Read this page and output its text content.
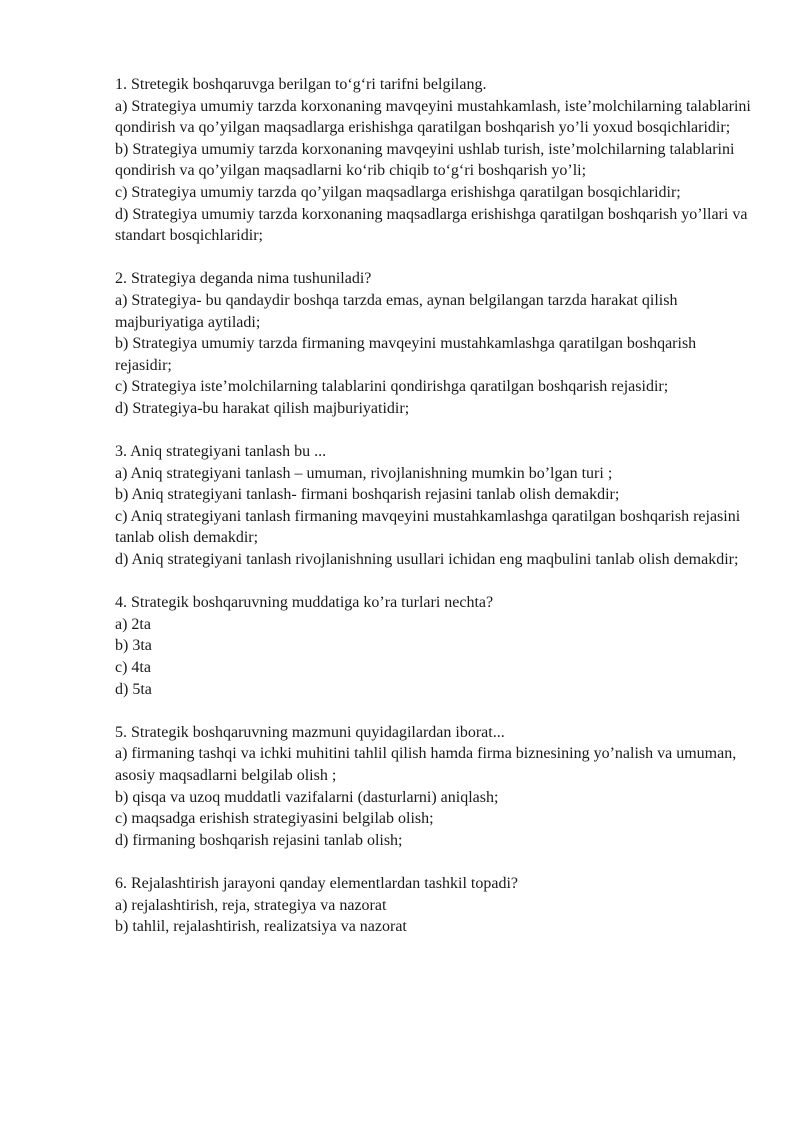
1. Stretegik boshqaruvga berilgan to‘g‘ri tarifni belgilang.

a) Strategiya umumiy tarzda korxonaning mavqeyini mustahkamlash, iste’molchilarning talablarini qondirish va qo’yilgan maqsadlarga erishishga qaratilgan boshqarish yo’li yoxud bosqichlaridir;

b) Strategiya umumiy tarzda korxonaning mavqeyini ushlab turish, iste’molchilarning talablarini qondirish va qo’yilgan maqsadlarni ko‘rib chiqib to‘g‘ri boshqarish yo’li;

c) Strategiya umumiy tarzda qo’yilgan maqsadlarga erishishga qaratilgan bosqichlaridir;

d) Strategiya umumiy tarzda korxonaning maqsadlarga erishishga qaratilgan boshqarish yo’llari va standart bosqichlaridir;

2. Strategiya deganda nima tushuniladi?

a) Strategiya- bu qandaydir boshqa tarzda emas, aynan belgilangan tarzda harakat qilish majburiyatiga aytiladi;

b) Strategiya umumiy tarzda firmaning mavqeyini mustahkamlashga qaratilgan boshqarish rejasidir;

c) Strategiya iste’molchilarning talablarini qondirishga qaratilgan boshqarish rejasidir;

d) Strategiya-bu harakat qilish majburiyatidir;

3. Aniq strategiyani tanlash bu ...

a) Aniq strategiyani tanlash – umuman, rivojlanishning mumkin bo’lgan turi ;

b) Aniq strategiyani tanlash- firmani boshqarish rejasini tanlab olish demakdir;

c) Aniq strategiyani tanlash firmaning mavqeyini mustahkamlashga qaratilgan boshqarish rejasini tanlab olish demakdir;

d) Aniq strategiyani tanlash rivojlanishning usullari ichidan eng maqbulini tanlab olish demakdir;

4. Strategik boshqaruvning muddatiga ko’ra turlari nechta?

a) 2ta

b) 3ta

c) 4ta

d) 5ta

5. Strategik boshqaruvning mazmuni quyidagilardan iborat...

a) firmaning tashqi va ichki muhitini tahlil qilish hamda firma biznesining yo’nalish va umuman, asosiy maqsadlarni belgilab olish ;

b) qisqa va uzoq muddatli vazifalarni (dasturlarni) aniqlash;

c) maqsadga erishish strategiyasini belgilab olish;

d) firmaning boshqarish rejasini tanlab olish;

6. Rejalashtirish jarayoni qanday elementlardan tashkil topadi?

a) rejalashtirish, reja, strategiya va nazorat

b) tahlil, rejalashtirish, realizatsiya va nazorat
